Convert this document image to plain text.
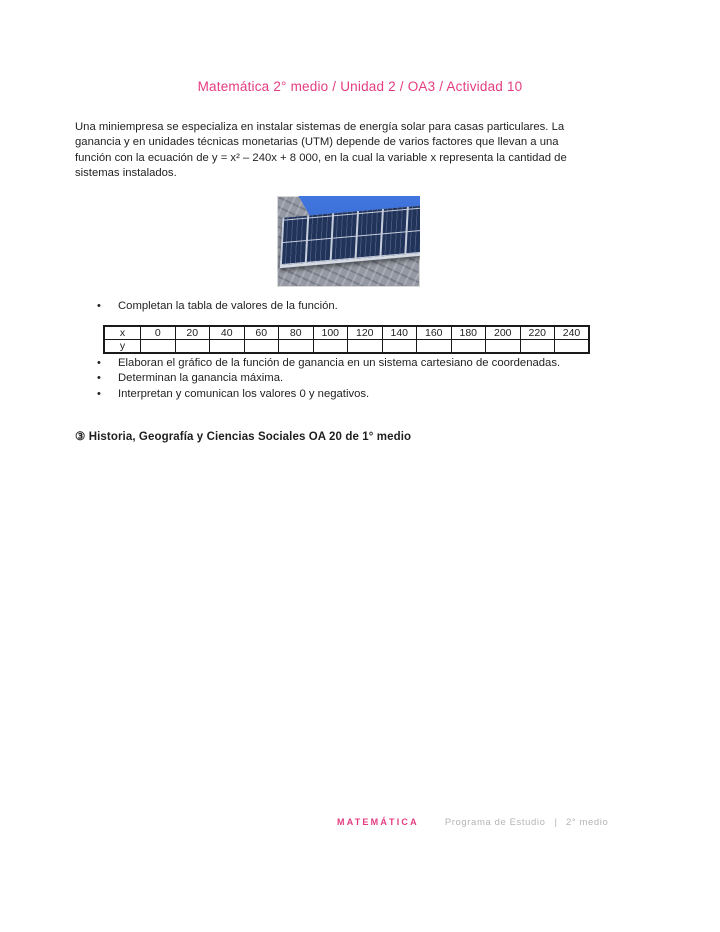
Matemática 2° medio / Unidad 2 / OA3 / Actividad 10
Una miniempresa se especializa en instalar sistemas de energía solar para casas particulares. La
ganancia y en unidades técnicas monetarias (UTM) depende de varios factores que llevan a una
función con la ecuación de y = x² – 240x + 8 000, en la cual la variable x representa la cantidad de
sistemas instalados.
•
Completan la tabla de valores de la función.
x	0	20	40	60	80	100	120	140	160	180	200	220	240
y													
•
Elaboran el gráfico de la función de ganancia en un sistema cartesiano de coordenadas.
•
Determinan la ganancia máxima.
•
Interpretan y comunican los valores 0 y negativos.
③ Historia, Geografía y Ciencias Sociales OA 20 de 1° medio
MATEMÁTICA	Programa de Estudio | 2° medio
